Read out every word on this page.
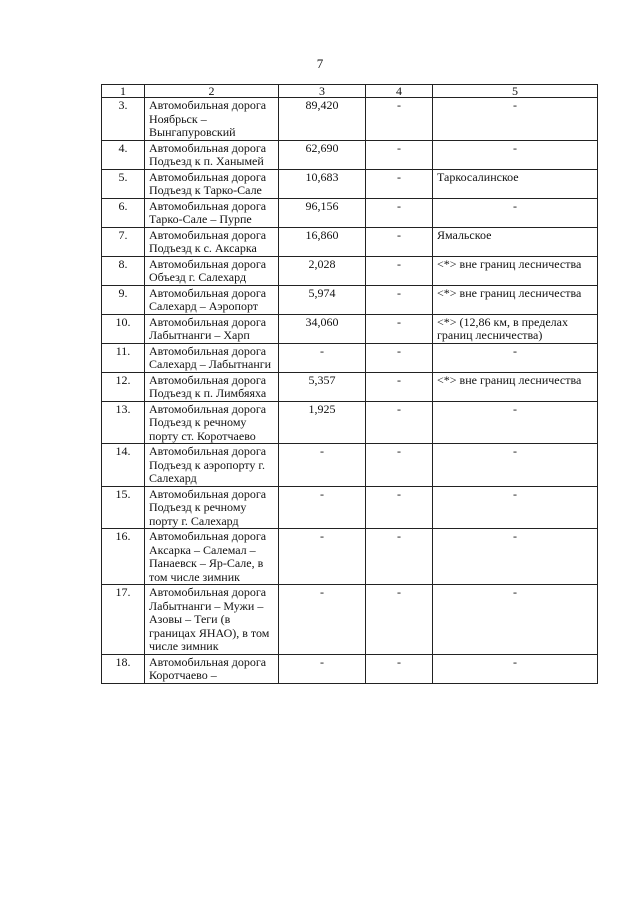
7
1	2	3	4	5
3.	Автомобильная дорога Ноябрьск – Вынгапуровский	89,420	-	-
4.	Автомобильная дорога Подъезд к п. Ханымей	62,690	-	-
5.	Автомобильная дорога Подъезд к Тарко-Сале	10,683	-	Таркосалинское
6.	Автомобильная дорога Тарко-Сале – Пурпе	96,156	-	-
7.	Автомобильная дорога Подъезд к с. Аксарка	16,860	-	Ямальское
8.	Автомобильная дорога Объезд г. Салехард	2,028	-	<*> вне границ лесничества
9.	Автомобильная дорога Салехард – Аэропорт	5,974	-	<*> вне границ лесничества
10.	Автомобильная дорога Лабытнанги – Харп	34,060	-	<*> (12,86 км, в пределах границ лесничества)
11.	Автомобильная дорога Салехард – Лабытнанги	-	-	-
12.	Автомобильная дорога Подъезд к п. Лимбяяха	5,357	-	<*> вне границ лесничества
13.	Автомобильная дорога Подъезд к речному порту ст. Коротчаево	1,925	-	-
14.	Автомобильная дорога Подъезд к аэропорту г. Салехард	-	-	-
15.	Автомобильная дорога Подъезд к речному порту г. Салехард	-	-	-
16.	Автомобильная дорога Аксарка – Салемал – Панаевск – Яр-Сале, в том числе зимник	-	-	-
17.	Автомобильная дорога Лабытнанги – Мужи – Азовы – Теги (в границах ЯНАО), в том числе зимник	-	-	-
18.	Автомобильная дорога Коротчаево –	-	-	-
